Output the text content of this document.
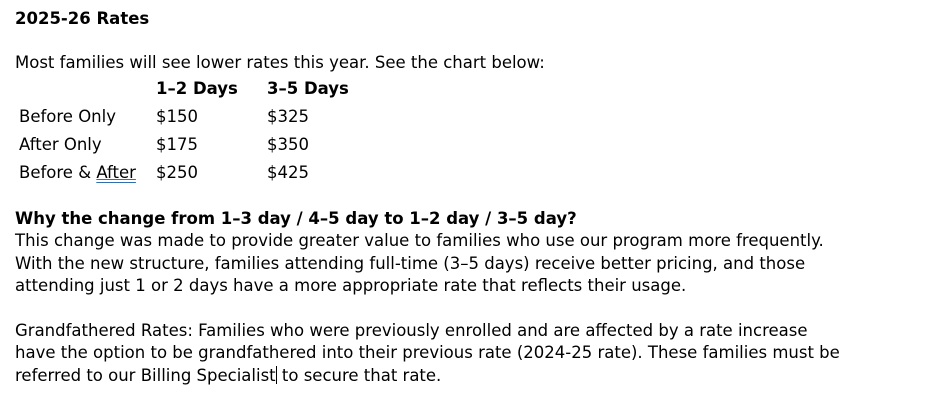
2025-26 Rates

Most families will see lower rates this year. See the chart below:

	1–2 Days	3–5 Days
Before Only	$150	$325
After Only	$175	$350
Before & After	$250	$425

Why the change from 1–3 day / 4–5 day to 1–2 day / 3–5 day?

This change was made to provide greater value to families who use our program more frequently.
With the new structure, families attending full-time (3–5 days) receive better pricing, and those
attending just 1 or 2 days have a more appropriate rate that reflects their usage.

Grandfathered Rates: Families who were previously enrolled and are affected by a rate increase
have the option to be grandfathered into their previous rate (2024-25 rate). These families must be
referred to our Billing Specialist to secure that rate.
